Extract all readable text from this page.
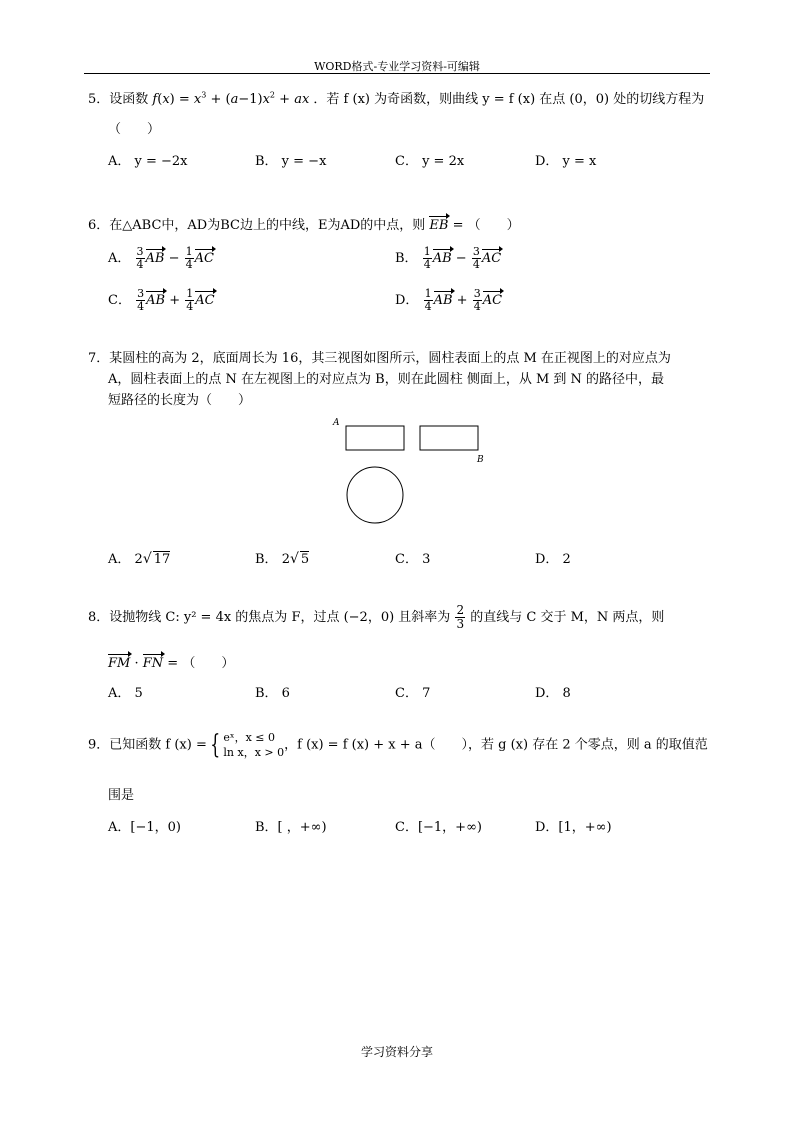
WORD格式-专业学习资料-可编辑
5．设函数 $f(x) = x^3 + (a-1)x^2$ + ax ．若 f (x) 为奇函数，则曲线 y = f (x) 在点 (0，0) 处的切线方程为
（　　）
A． y = −2x	B． y = −x	C． y = 2x	D． y = x
6．在△ABC中，AD为BC边上的中线，E为AD的中点，则 EB = （　　）
A． $\frac{3}{4}$ AB − $\frac{1}{4}$ AC	B． $\frac{1}{4}$ AB − $\frac{3}{4}$ AC
C． $\frac{3}{4}$ AB + $\frac{1}{4}$ AC	D． $\frac{1}{4}$ AB + $\frac{3}{4}$ AC
7．某圆柱的高为 2，底面周长为 16，其三视图如图所示，圆柱表面上的点 M 在正视图上的对应点为
A，圆柱表面上的点 N 在左视图上的对应点为 B，则在此圆柱 侧面上，从 M 到 N 的路径中，最
短路径的长度为（　　）
A
B
A． 2√ 17	B． 2√ 5	C． 3	D． 2
8．设抛物线 C: y² = 4x 的焦点为 F，过点 (−2，0) 且斜率为 $\frac{2}{3}$ 的直线与 C 交于 M，N 两点，则
FM · FN = （　　）
A． 5	B． 6	C． 7	D． 8
9．已知函数 f (x) = { eˣ，x ≤ 0
ln x，x > 0 ，f (x) = f (x) + x + a（　　），若 g (x) 存在 2 个零点，则 a 的取值范
围是
A．[−1，0)	B．[ ，+∞)	C．[−1，+∞)	D．[1，+∞)
学习资料分享
